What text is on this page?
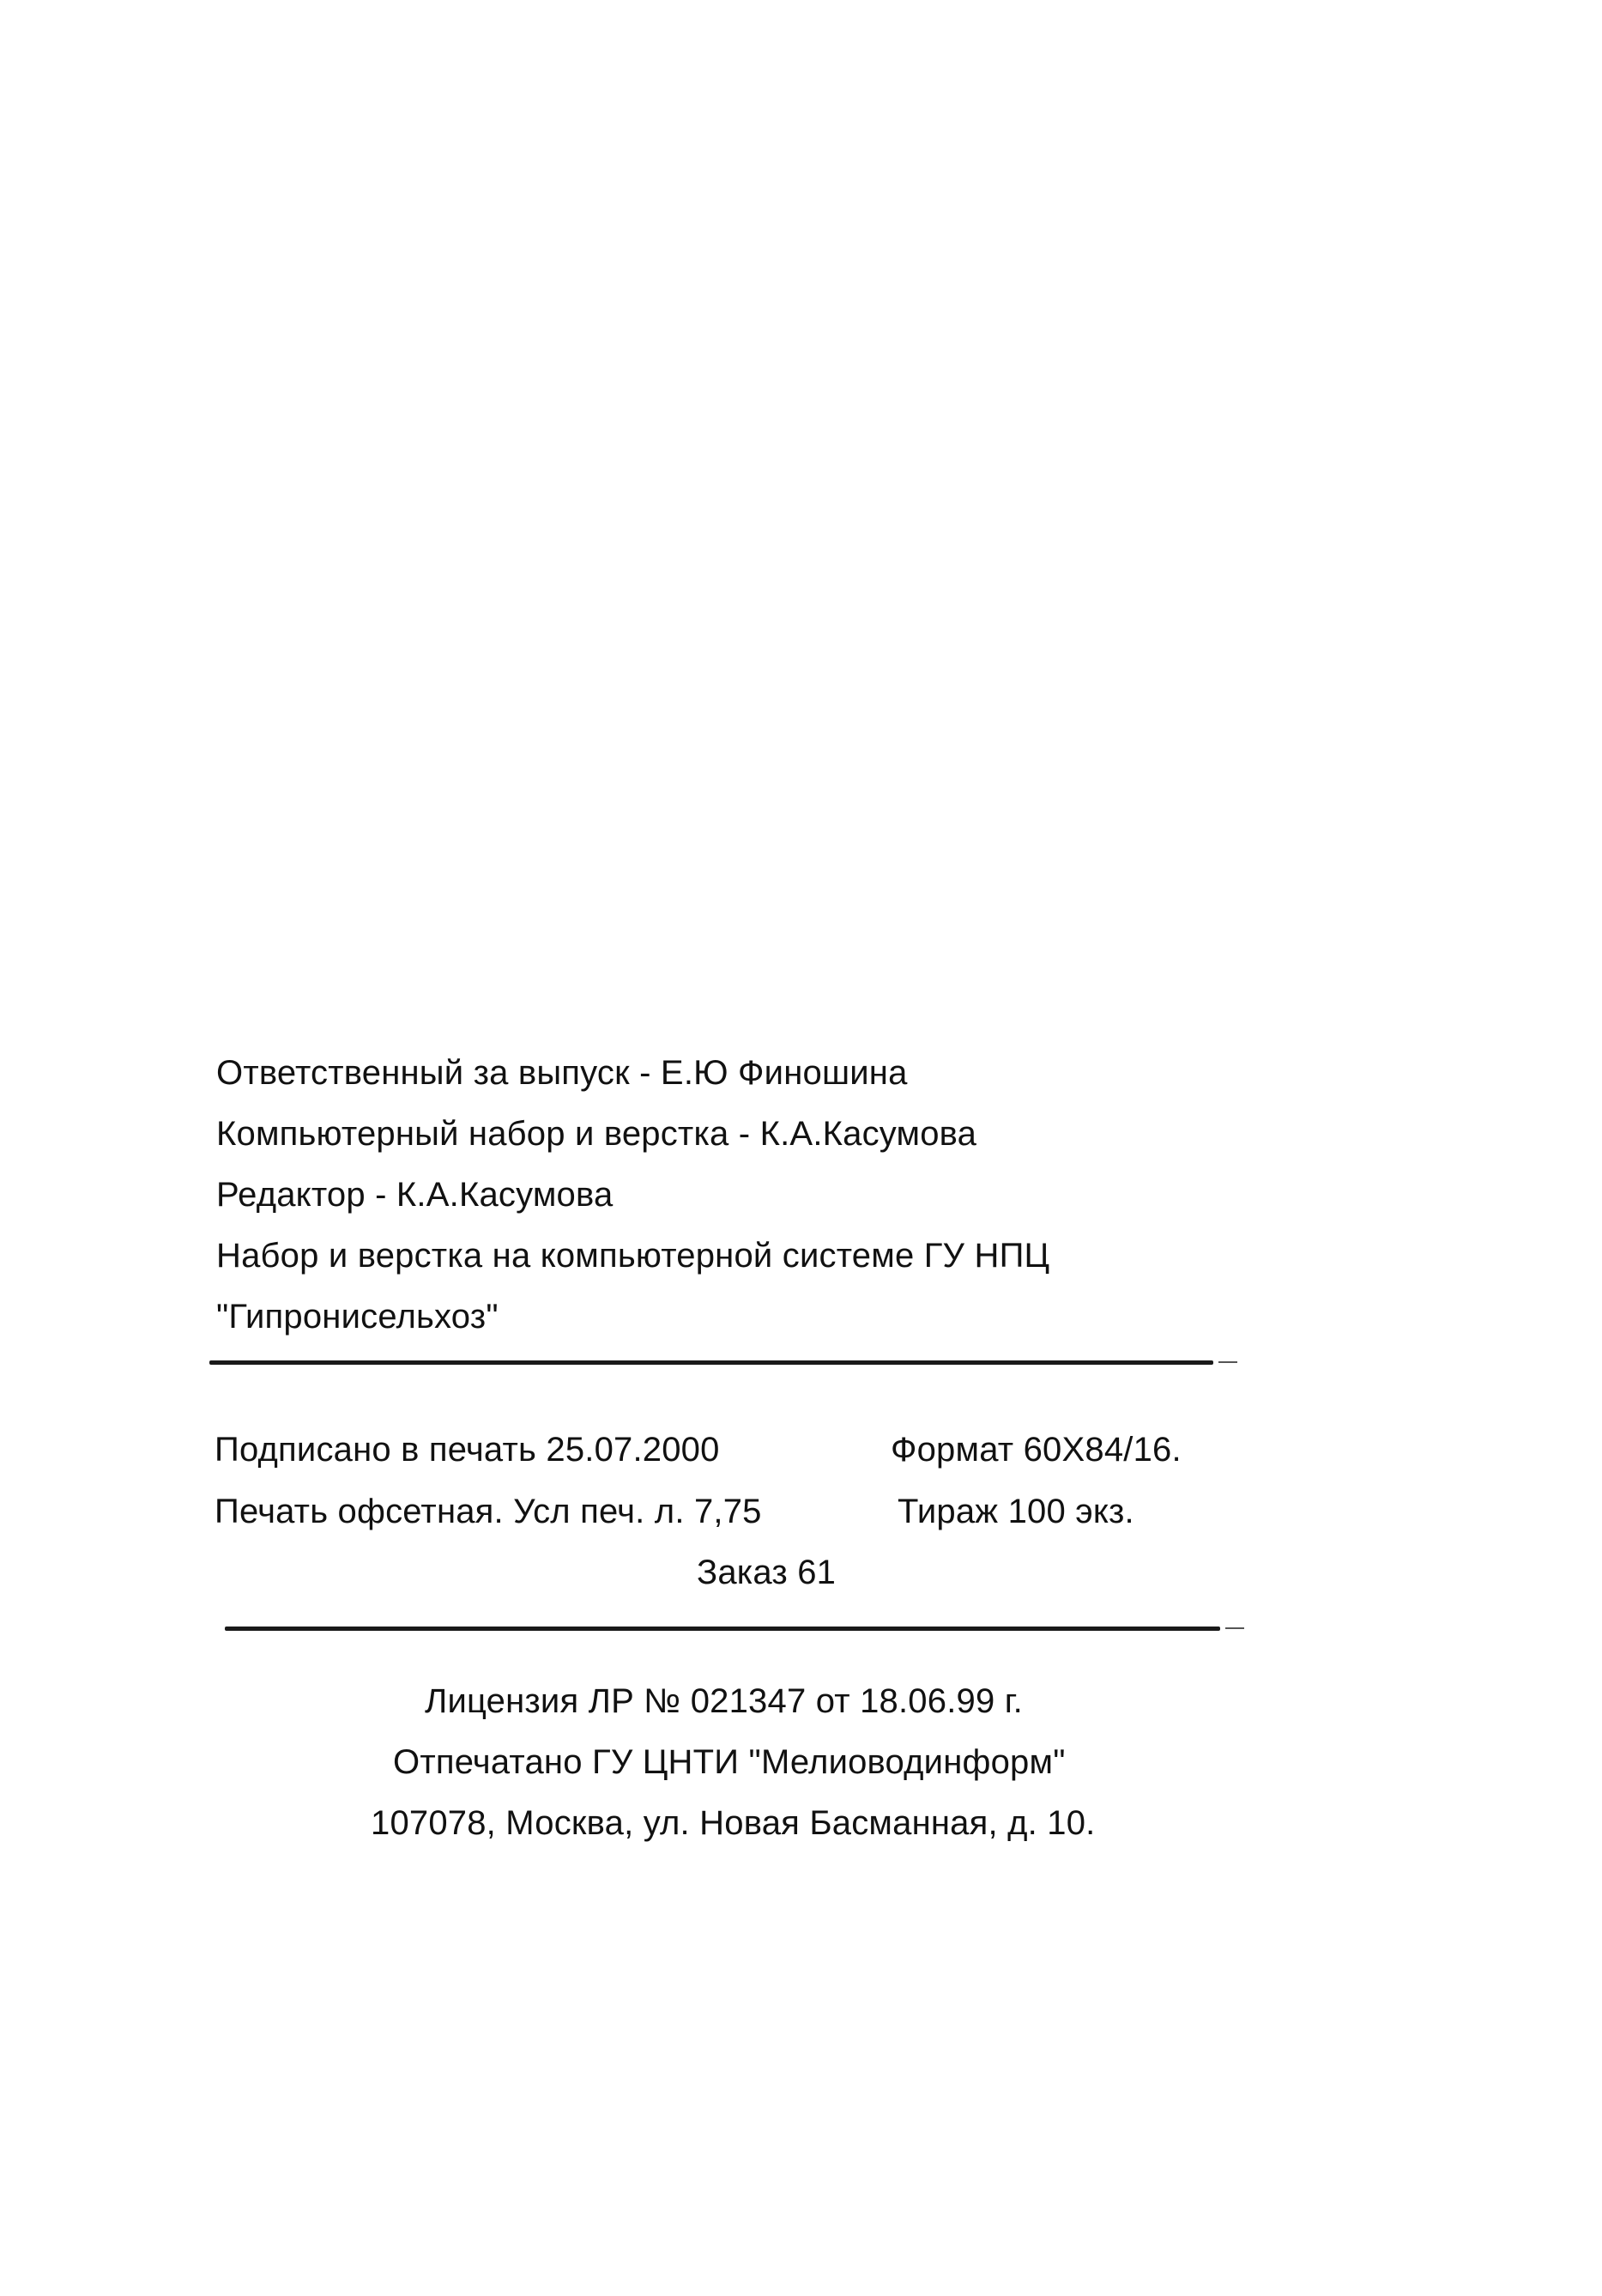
Ответственный за выпуск - Е.Ю Финошина
Компьютерный набор и верстка - К.А.Касумова
Редактор - К.А.Касумова
Набор и верстка на компьютерной системе ГУ НПЦ
"Гипронисельхоз"
Подписано в печать 25.07.2000	Формат 60Х84/16.
Печать офсетная. Усл печ. л. 7,75	Тираж 100 экз.
Заказ 61
Лицензия ЛР № 021347 от 18.06.99 г.
Отпечатано ГУ ЦНТИ "Мелиоводинформ"
107078, Москва, ул. Новая Басманная, д. 10.
